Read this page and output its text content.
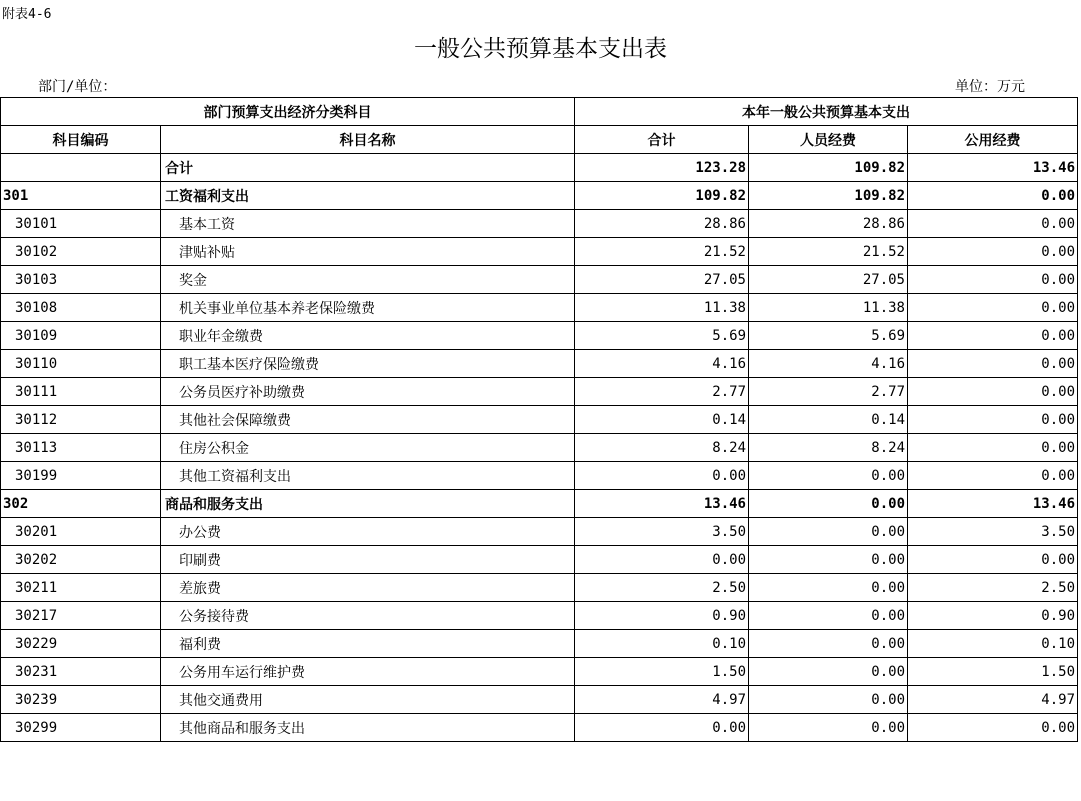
附表4-6
一般公共预算基本支出表
部门/单位：	单位：万元
部门预算支出经济分类科目		本年一般公共预算基本支出		
科目编码	科目名称	合计	人员经费	公用经费
	合计	123.28	109.82	13.46
301	工资福利支出	109.82	109.82	0.00
30101	基本工资	28.86	28.86	0.00
30102	津贴补贴	21.52	21.52	0.00
30103	奖金	27.05	27.05	0.00
30108	机关事业单位基本养老保险缴费	11.38	11.38	0.00
30109	职业年金缴费	5.69	5.69	0.00
30110	职工基本医疗保险缴费	4.16	4.16	0.00
30111	公务员医疗补助缴费	2.77	2.77	0.00
30112	其他社会保障缴费	0.14	0.14	0.00
30113	住房公积金	8.24	8.24	0.00
30199	其他工资福利支出	0.00	0.00	0.00
302	商品和服务支出	13.46	0.00	13.46
30201	办公费	3.50	0.00	3.50
30202	印刷费	0.00	0.00	0.00
30211	差旅费	2.50	0.00	2.50
30217	公务接待费	0.90	0.00	0.90
30229	福利费	0.10	0.00	0.10
30231	公务用车运行维护费	1.50	0.00	1.50
30239	其他交通费用	4.97	0.00	4.97
30299	其他商品和服务支出	0.00	0.00	0.00
